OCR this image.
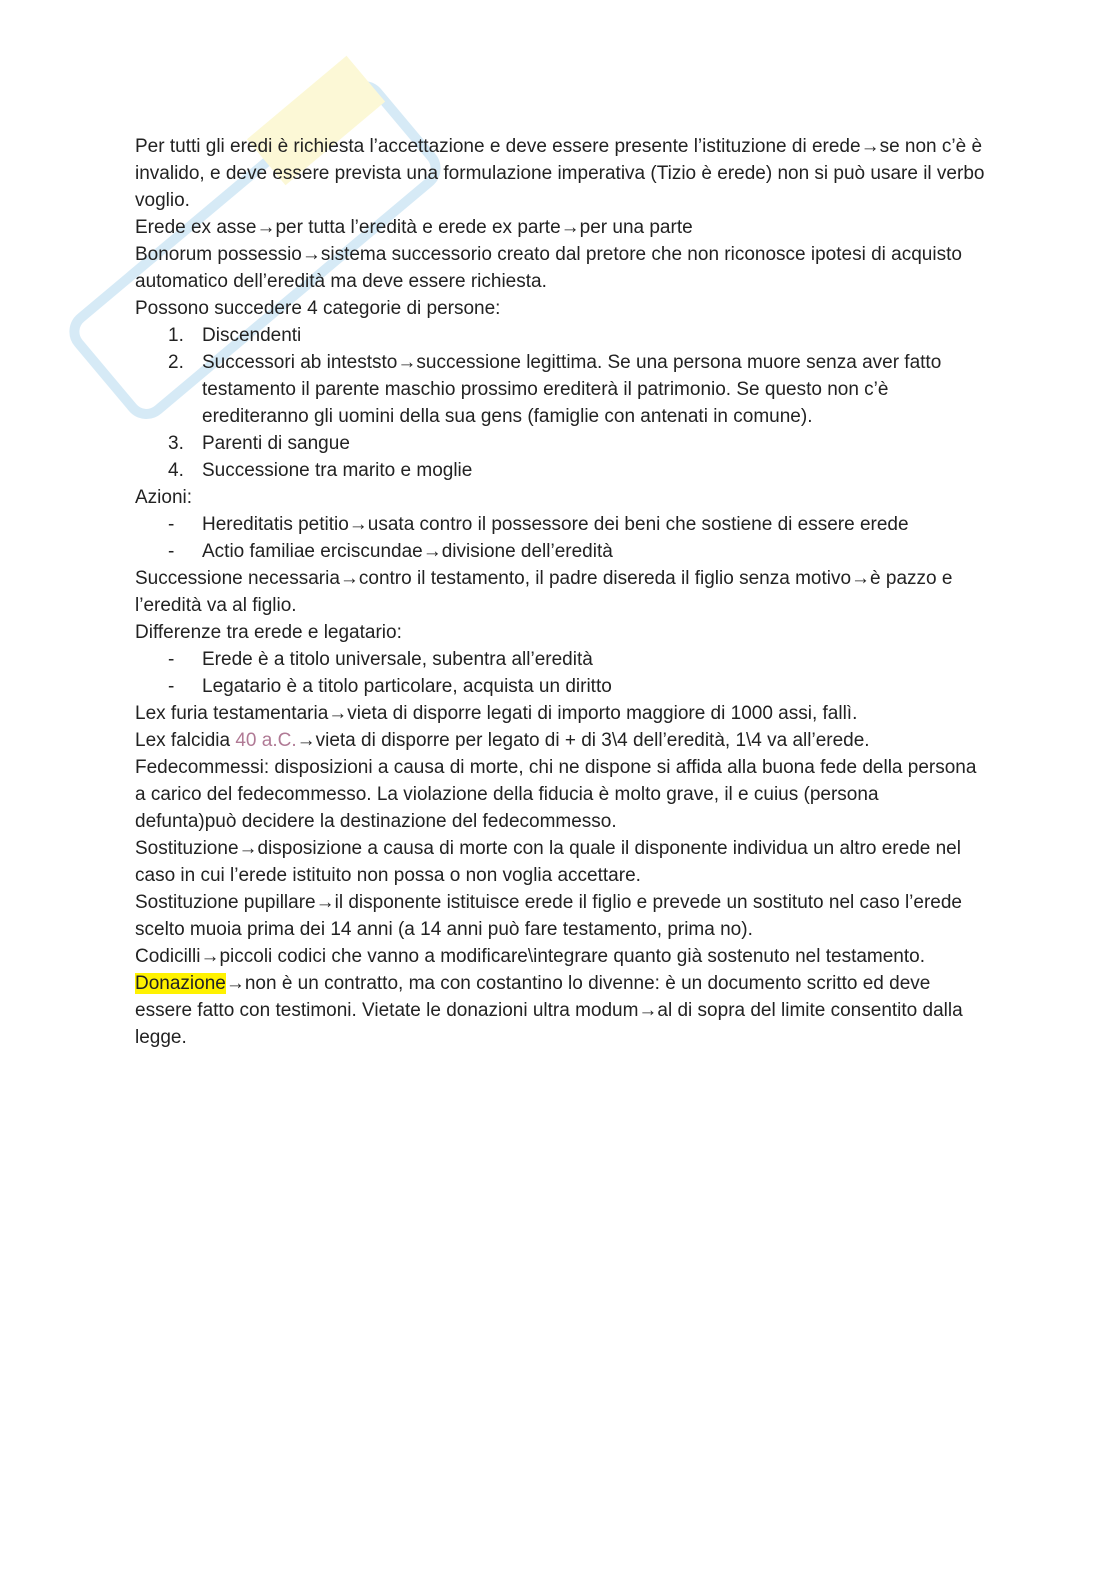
Per tutti gli eredi è richiesta l’accettazione e deve essere presente l’istituzione di erede→se non c’è è invalido, e deve essere prevista una formulazione imperativa (Tizio è erede) non si può usare il verbo voglio.

Erede ex asse→per tutta l’eredità e erede ex parte→per una parte

Bonorum possessio→sistema successorio creato dal pretore che non riconosce ipotesi di acquisto automatico dell’eredità ma deve essere richiesta.

Possono succedere 4 categorie di persone:

1. Discendenti
2. Successori ab inteststo→successione legittima. Se una persona muore senza aver fatto testamento il parente maschio prossimo erediterà il patrimonio. Se questo non c’è erediteranno gli uomini della sua gens (famiglie con antenati in comune).
3. Parenti di sangue
4. Successione tra marito e moglie

Azioni:

-	Hereditatis petitio→usata contro il possessore dei beni che sostiene di essere erede
-	Actio familiae erciscundae→divisione dell’eredità

Successione necessaria→contro il testamento, il padre disereda il figlio senza motivo→è pazzo e l’eredità va al figlio.

Differenze tra erede e legatario:

-	Erede è a titolo universale, subentra all’eredità
-	Legatario è a titolo particolare, acquista un diritto

Lex furia testamentaria→vieta di disporre legati di importo maggiore di 1000 assi, fallì.

Lex falcidia 40 a.C.→vieta di disporre per legato di + di 3\4 dell’eredità, 1\4 va all’erede.

Fedecommessi: disposizioni a causa di morte, chi ne dispone si affida alla buona fede della persona a carico del fedecommesso. La violazione della fiducia è molto grave, il e cuius (persona defunta)può decidere la destinazione del fedecommesso.

Sostituzione→disposizione a causa di morte con la quale il disponente individua un altro erede nel caso in cui l’erede istituito non possa o non voglia accettare.

Sostituzione pupillare→il disponente istituisce erede il figlio e prevede un sostituto nel caso l’erede scelto muoia prima dei 14 anni (a 14 anni può fare testamento, prima no).

Codicilli→piccoli codici che vanno a modificare\integrare quanto già sostenuto nel testamento.

Donazione→non è un contratto, ma con costantino lo divenne: è un documento scritto ed deve essere fatto con testimoni. Vietate le donazioni ultra modum→al di sopra del limite consentito dalla legge.
